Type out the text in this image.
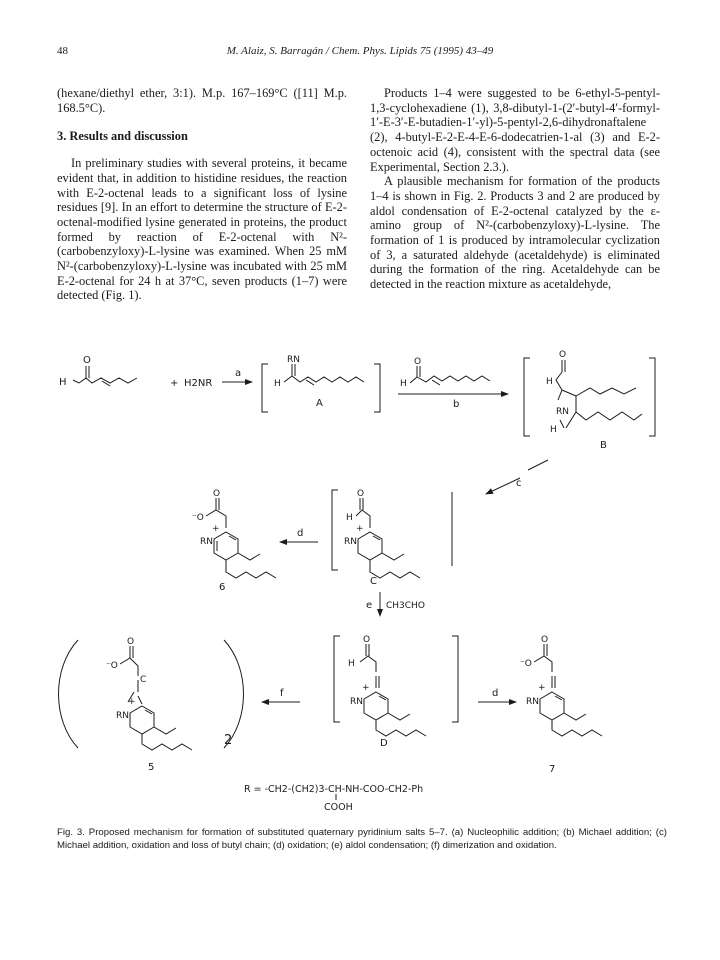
48	M. Alaiz, S. Barragán / Chem. Phys. Lipids 75 (1995) 43–49

(hexane/diethyl ether, 3:1). M.p. 167–169°C ([11] M.p. 168.5°C).

3. Results and discussion

In preliminary studies with several proteins, it became evident that, in addition to histidine residues, the reaction with E-2-octenal leads to a significant loss of lysine residues [9]. In an effort to determine the structure of E-2-octenal-modified lysine generated in proteins, the product formed by reaction of E-2-octenal with N²-(carbobenzyloxy)-L-lysine was examined. When 25 mM N²-(carbobenzyloxy)-L-lysine was incubated with 25 mM E-2-octenal for 24 h at 37°C, seven products (1–7) were detected (Fig. 1).

Products 1–4 were suggested to be 6-ethyl-5-pentyl-1,3-cyclohexadiene (1), 3,8-dibutyl-1-(2′-butyl-4′-formyl-1′-E-3′-E-butadien-1′-yl)-5-pentyl-2,6-dihydronaftalene (2), 4-butyl-E-2-E-4-E-6-dodecatrien-1-al (3) and E-2-octenoic acid (4), consistent with the spectral data (see Experimental, Section 2.3.).

A plausible mechanism for formation of the products 1–4 is shown in Fig. 2. Products 3 and 2 are produced by aldol condensation of E-2-octenal catalyzed by the ε-amino group of N²-(carbobenzyloxy)-L-lysine. The formation of 1 is produced by intramolecular cyclization of 3, a saturated aldehyde (acetaldehyde) is eliminated during the formation of the ring. Acetaldehyde can be detected in the reaction mixture as acetaldehyde,

H
O
+ H2NR
a
RN
H
A
H
O
b
O
H
RN
H
B
c
O
⁻O
+
RN
6
d
O
H
+
RN
C
e CH3CHO
O
⁻O
C
+
RN
2
5
f
O
H
+
RN
D
d
O
⁻O
+
RN
7
R = -CH2-(CH2)3-CH-NH-COO-CH2-Ph
COOH
Fig. 3. Proposed mechanism for formation of substituted quaternary pyridinium salts 5–7. (a) Nucleophilic addition; (b) Michael addition; (c) Michael addition, oxidation and loss of butyl chain; (d) oxidation; (e) aldol condensation; (f) dimerization and oxidation.
